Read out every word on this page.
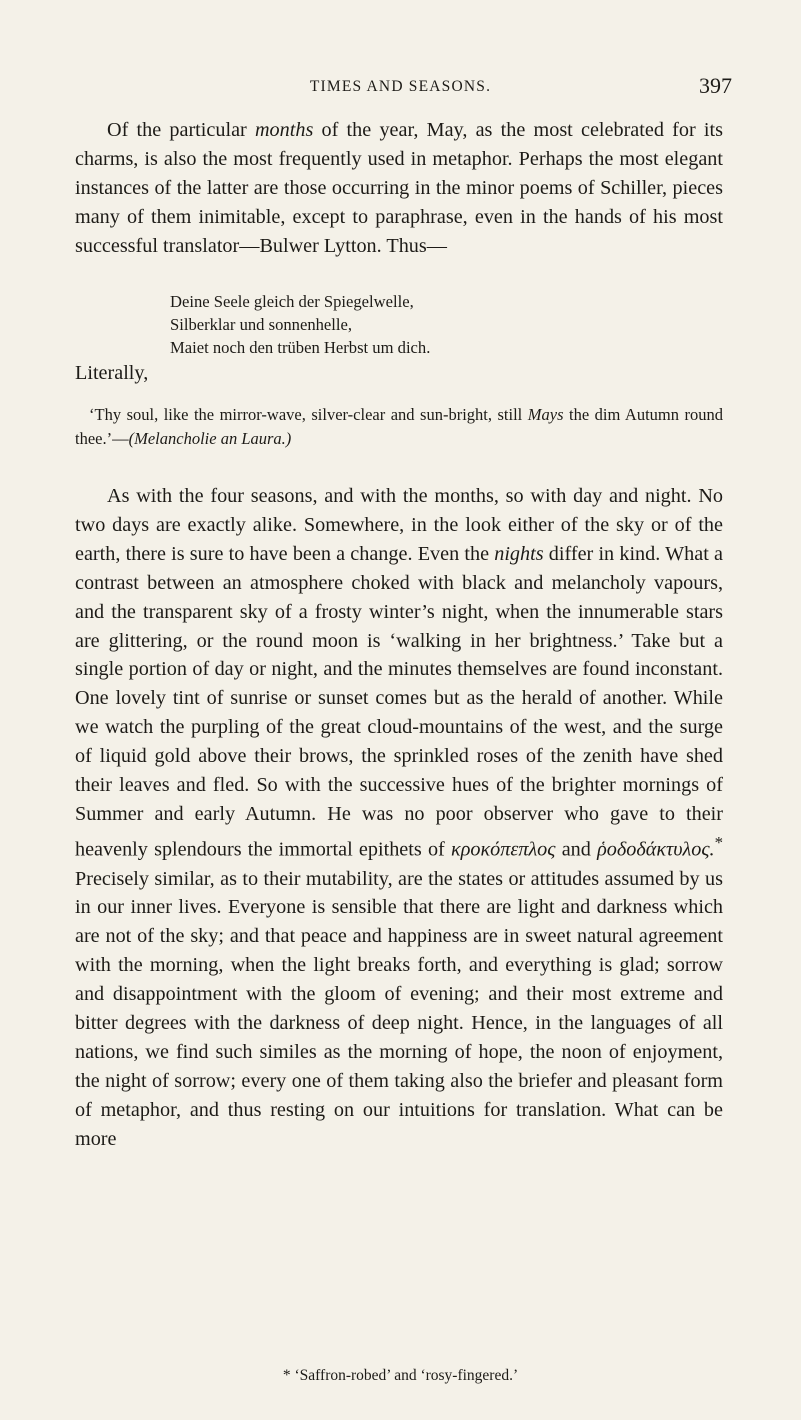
TIMES AND SEASONS.	397

Of the particular months of the year, May, as the most celebrated for its charms, is also the most frequently used in metaphor. Perhaps the most elegant instances of the latter are those occurring in the minor poems of Schiller, pieces many of them inimitable, except to paraphrase, even in the hands of his most successful translator—Bulwer Lytton. Thus—

Deine Seele gleich der Spiegelwelle,
Silberklar und sonnenhelle,
Maiet noch den trüben Herbst um dich.
Literally,

‘Thy soul, like the mirror-wave, silver-clear and sun-bright, still Mays the dim Autumn round thee.’—(Melancholie an Laura.)

As with the four seasons, and with the months, so with day and night. No two days are exactly alike. Somewhere, in the look either of the sky or of the earth, there is sure to have been a change. Even the nights differ in kind. What a contrast between an atmosphere choked with black and melancholy vapours, and the transparent sky of a frosty winter’s night, when the innumerable stars are glittering, or the round moon is ‘walking in her brightness.’ Take but a single portion of day or night, and the minutes themselves are found inconstant. One lovely tint of sunrise or sunset comes but as the herald of another. While we watch the purpling of the great cloud-mountains of the west, and the surge of liquid gold above their brows, the sprinkled roses of the zenith have shed their leaves and fled. So with the successive hues of the brighter mornings of Summer and early Autumn. He was no poor observer who gave to their heavenly splendours the immortal epithets of κροκόπεπλος and ῥοδοδάκτυλος.* Precisely similar, as to their mutability, are the states or attitudes assumed by us in our inner lives. Everyone is sensible that there are light and darkness which are not of the sky; and that peace and happiness are in sweet natural agreement with the morning, when the light breaks forth, and everything is glad; sorrow and disappointment with the gloom of evening; and their most extreme and bitter degrees with the darkness of deep night. Hence, in the languages of all nations, we find such similes as the morning of hope, the noon of enjoyment, the night of sorrow; every one of them taking also the briefer and pleasant form of metaphor, and thus resting on our intuitions for translation. What can be more

* ‘Saffron-robed’ and ‘rosy-fingered.’
